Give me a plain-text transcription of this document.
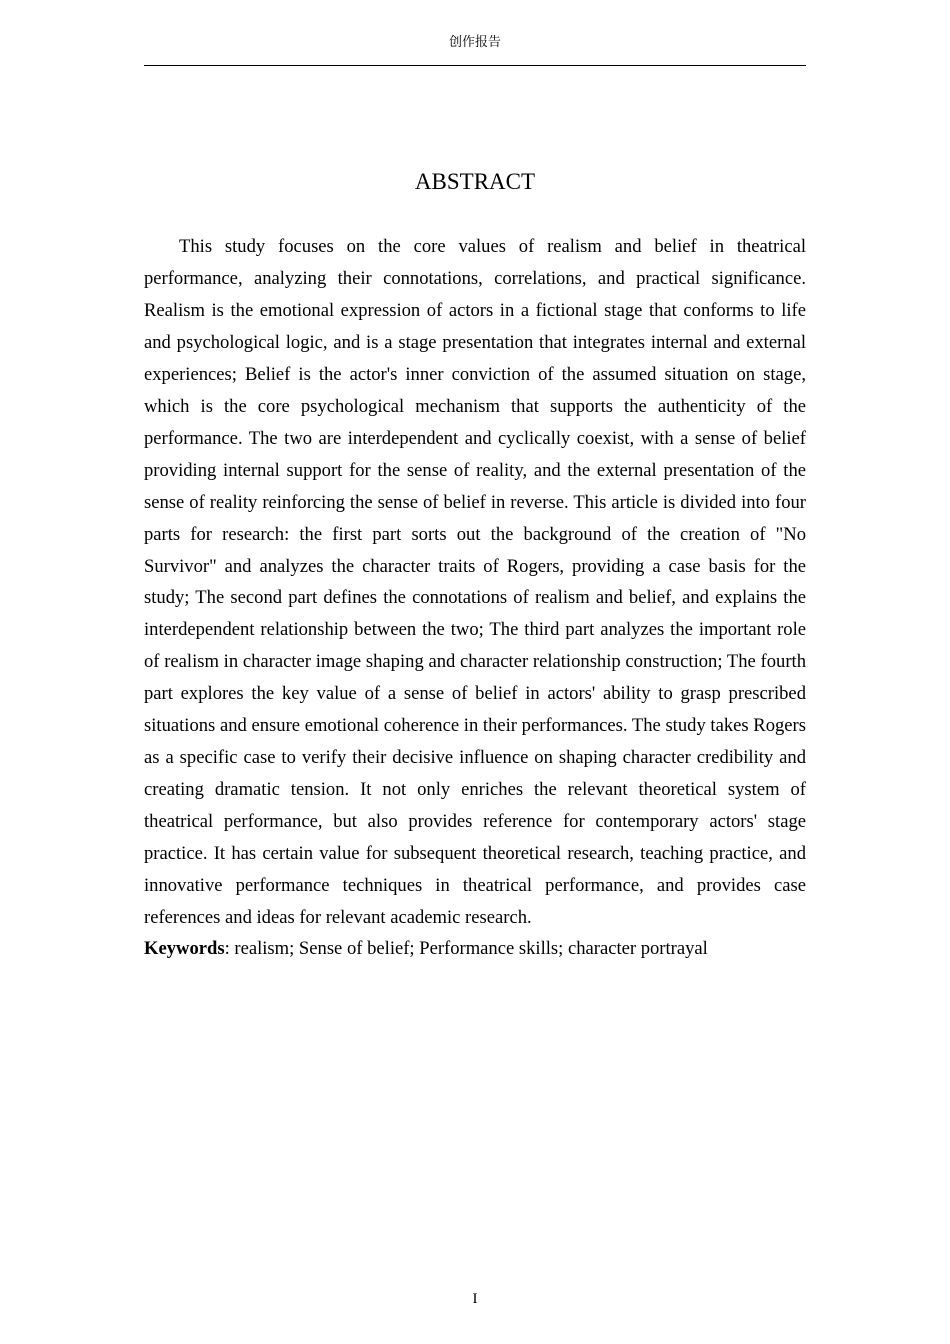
创作报告
ABSTRACT

This study focuses on the core values of realism and belief in theatrical performance, analyzing their connotations, correlations, and practical significance. Realism is the emotional expression of actors in a fictional stage that conforms to life and psychological logic, and is a stage presentation that integrates internal and external experiences; Belief is the actor's inner conviction of the assumed situation on stage, which is the core psychological mechanism that supports the authenticity of the performance. The two are interdependent and cyclically coexist, with a sense of belief providing internal support for the sense of reality, and the external presentation of the sense of reality reinforcing the sense of belief in reverse. This article is divided into four parts for research: the first part sorts out the background of the creation of "No Survivor" and analyzes the character traits of Rogers, providing a case basis for the study; The second part defines the connotations of realism and belief, and explains the interdependent relationship between the two; The third part analyzes the important role of realism in character image shaping and character relationship construction; The fourth part explores the key value of a sense of belief in actors' ability to grasp prescribed situations and ensure emotional coherence in their performances. The study takes Rogers as a specific case to verify their decisive influence on shaping character credibility and creating dramatic tension. It not only enriches the relevant theoretical system of theatrical performance, but also provides reference for contemporary actors' stage practice. It has certain value for subsequent theoretical research, teaching practice, and innovative performance techniques in theatrical performance, and provides case references and ideas for relevant academic research.

Keywords: realism; Sense of belief; Performance skills; character portrayal

I
